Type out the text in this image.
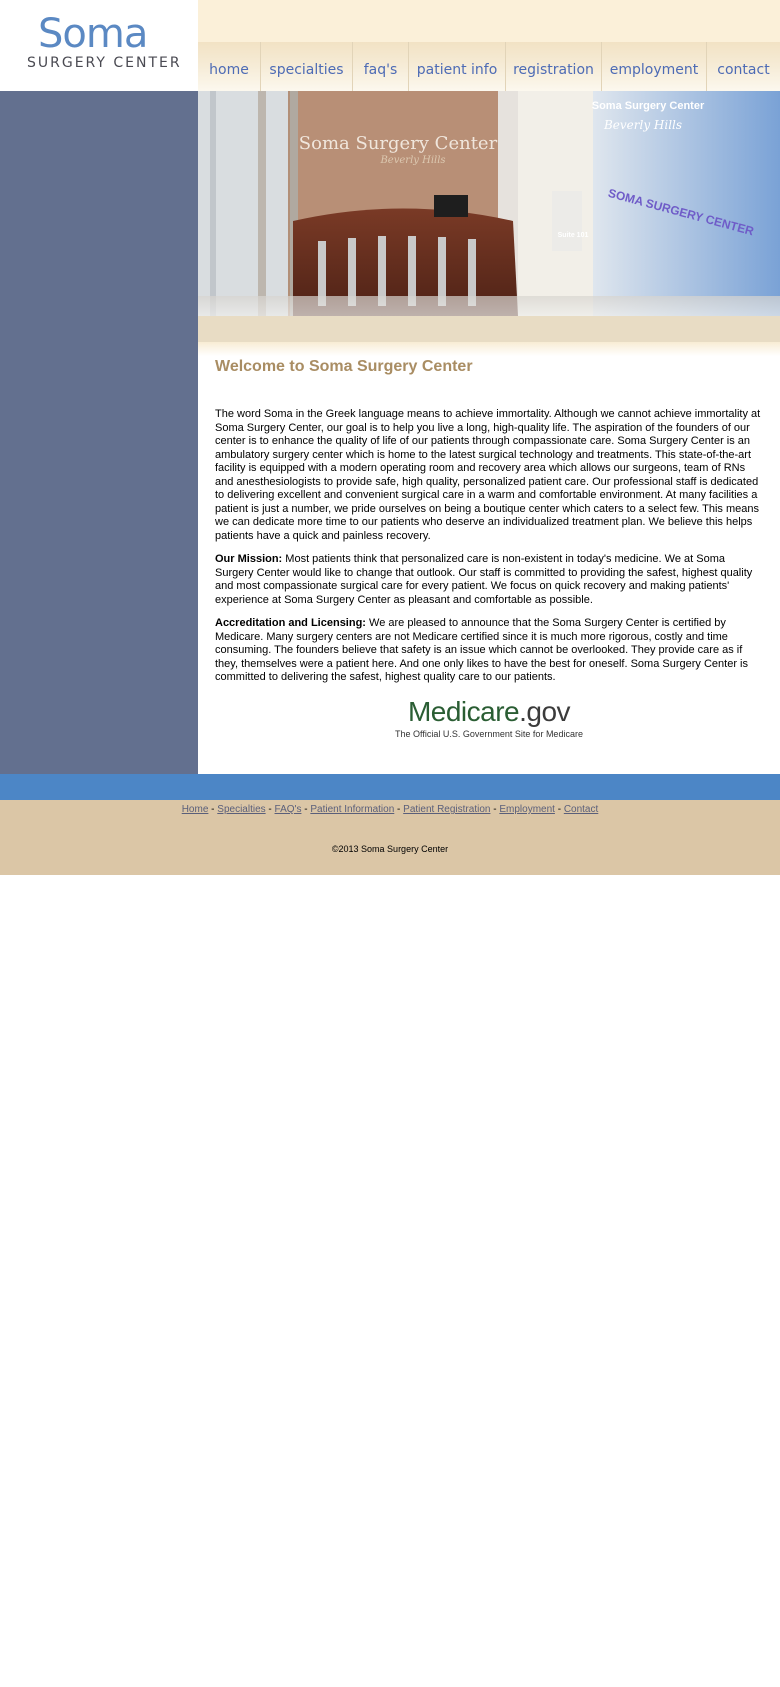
Soma
SURGERY CENTER	home	specialties	faq's	patient info	registration	employment	contact
Soma Surgery Center
Beverly Hills
Soma Surgery Center
Beverly Hills
Suite 101 SOMA SURGERY CENTER
Welcome to Soma Surgery Center

The word Soma in the Greek language means to achieve immortality. Although we cannot achieve immortality at Soma Surgery Center, our goal is to help you live a long, high-quality life. The aspiration of the founders of our center is to enhance the quality of life of our patients through compassionate care. Soma Surgery Center is an ambulatory surgery center which is home to the latest surgical technology and treatments. This state-of-the-art facility is equipped with a modern operating room and recovery area which allows our surgeons, team of RNs and anesthesiologists to provide safe, high quality, personalized patient care. Our professional staff is dedicated to delivering excellent and convenient surgical care in a warm and comfortable environment. At many facilities a patient is just a number, we pride ourselves on being a boutique center which caters to a select few. This means we can dedicate more time to our patients who deserve an individualized treatment plan. We believe this helps patients have a quick and painless recovery.

Our Mission: Most patients think that personalized care is non-existent in today's medicine. We at Soma Surgery Center would like to change that outlook. Our staff is committed to providing the safest, highest quality and most compassionate surgical care for every patient. We focus on quick recovery and making patients' experience at Soma Surgery Center as pleasant and comfortable as possible.

Accreditation and Licensing: We are pleased to announce that the Soma Surgery Center is certified by Medicare. Many surgery centers are not Medicare certified since it is much more rigorous, costly and time consuming. The founders believe that safety is an issue which cannot be overlooked. They provide care as if they, themselves were a patient here. And one only likes to have the best for oneself. Soma Surgery Center is committed to delivering the safest, highest quality care to our patients.

Medicare.gov
The Official U.S. Government Site for Medicare
Home - Specialties - FAQ's - Patient Information - Patient Registration - Employment - Contact
©2013 Soma Surgery Center
